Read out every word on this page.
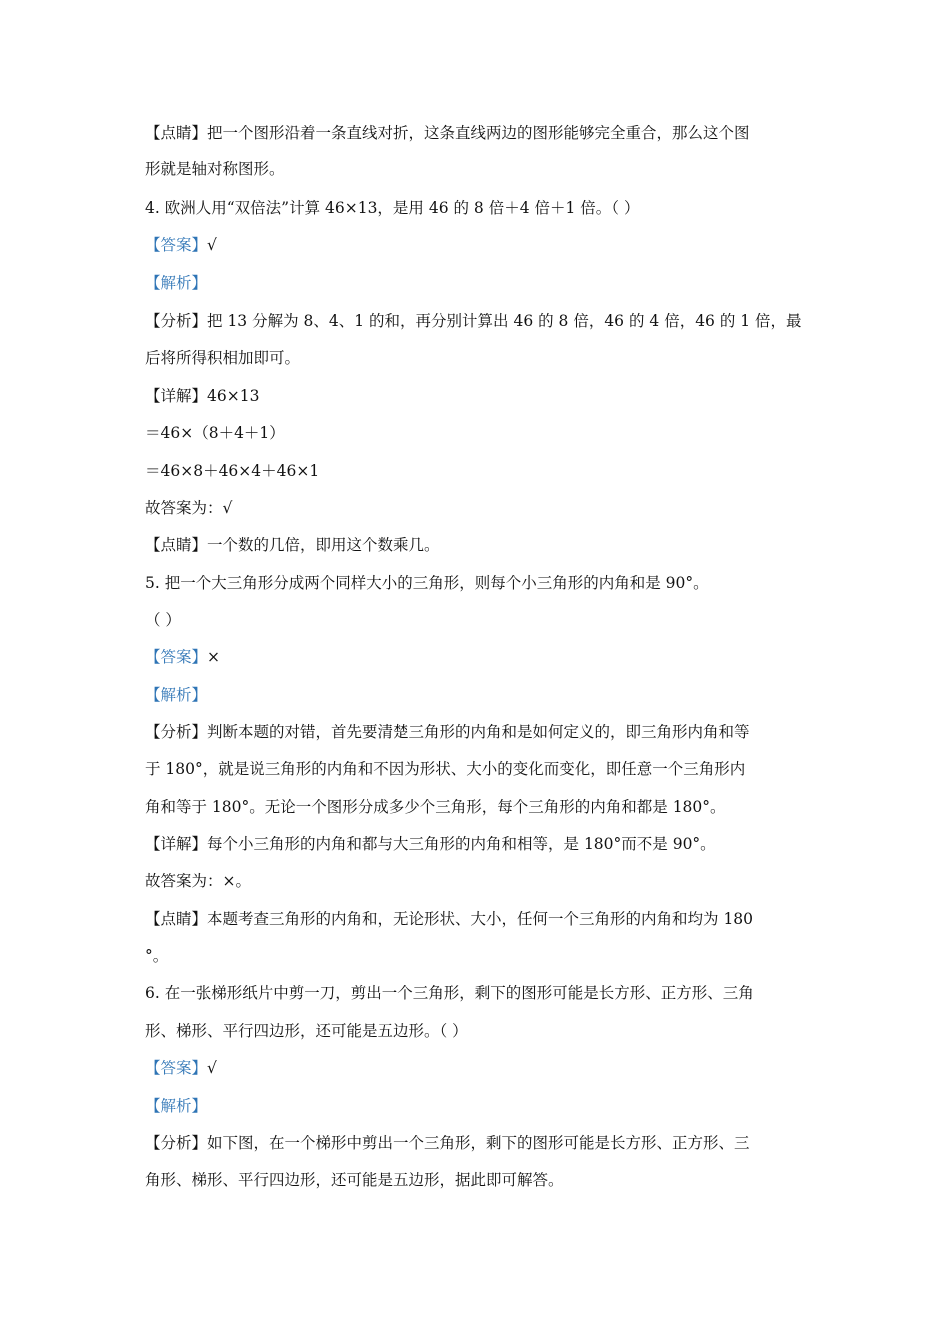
【点睛】把一个图形沿着一条直线对折，这条直线两边的图形能够完全重合，那么这个图
形就是轴对称图形。
4. 欧洲人用“双倍法”计算 46×13，是用 46 的 8 倍＋4 倍＋1 倍。（ ）
【答案】√
【解析】
【分析】把 13 分解为 8、4、1 的和，再分别计算出 46 的 8 倍，46 的 4 倍，46 的 1 倍，最
后将所得积相加即可。
【详解】46×13
＝46×（8＋4＋1）
＝46×8＋46×4＋46×1
故答案为：√
【点睛】一个数的几倍，即用这个数乘几。
5. 把一个大三角形分成两个同样大小的三角形，则每个小三角形的内角和是 90°。
（ ）
【答案】×
【解析】
【分析】判断本题的对错，首先要清楚三角形的内角和是如何定义的，即三角形内角和等
于 180°，就是说三角形的内角和不因为形状、大小的变化而变化，即任意一个三角形内
角和等于 180°。无论一个图形分成多少个三角形，每个三角形的内角和都是 180°。
【详解】每个小三角形的内角和都与大三角形的内角和相等，是 180°而不是 90°。
故答案为：×。
【点睛】本题考查三角形的内角和，无论形状、大小，任何一个三角形的内角和均为 180
°。
6. 在一张梯形纸片中剪一刀，剪出一个三角形，剩下的图形可能是长方形、正方形、三角
形、梯形、平行四边形，还可能是五边形。（ ）
【答案】√
【解析】
【分析】如下图，在一个梯形中剪出一个三角形，剩下的图形可能是长方形、正方形、三
角形、梯形、平行四边形，还可能是五边形，据此即可解答。
